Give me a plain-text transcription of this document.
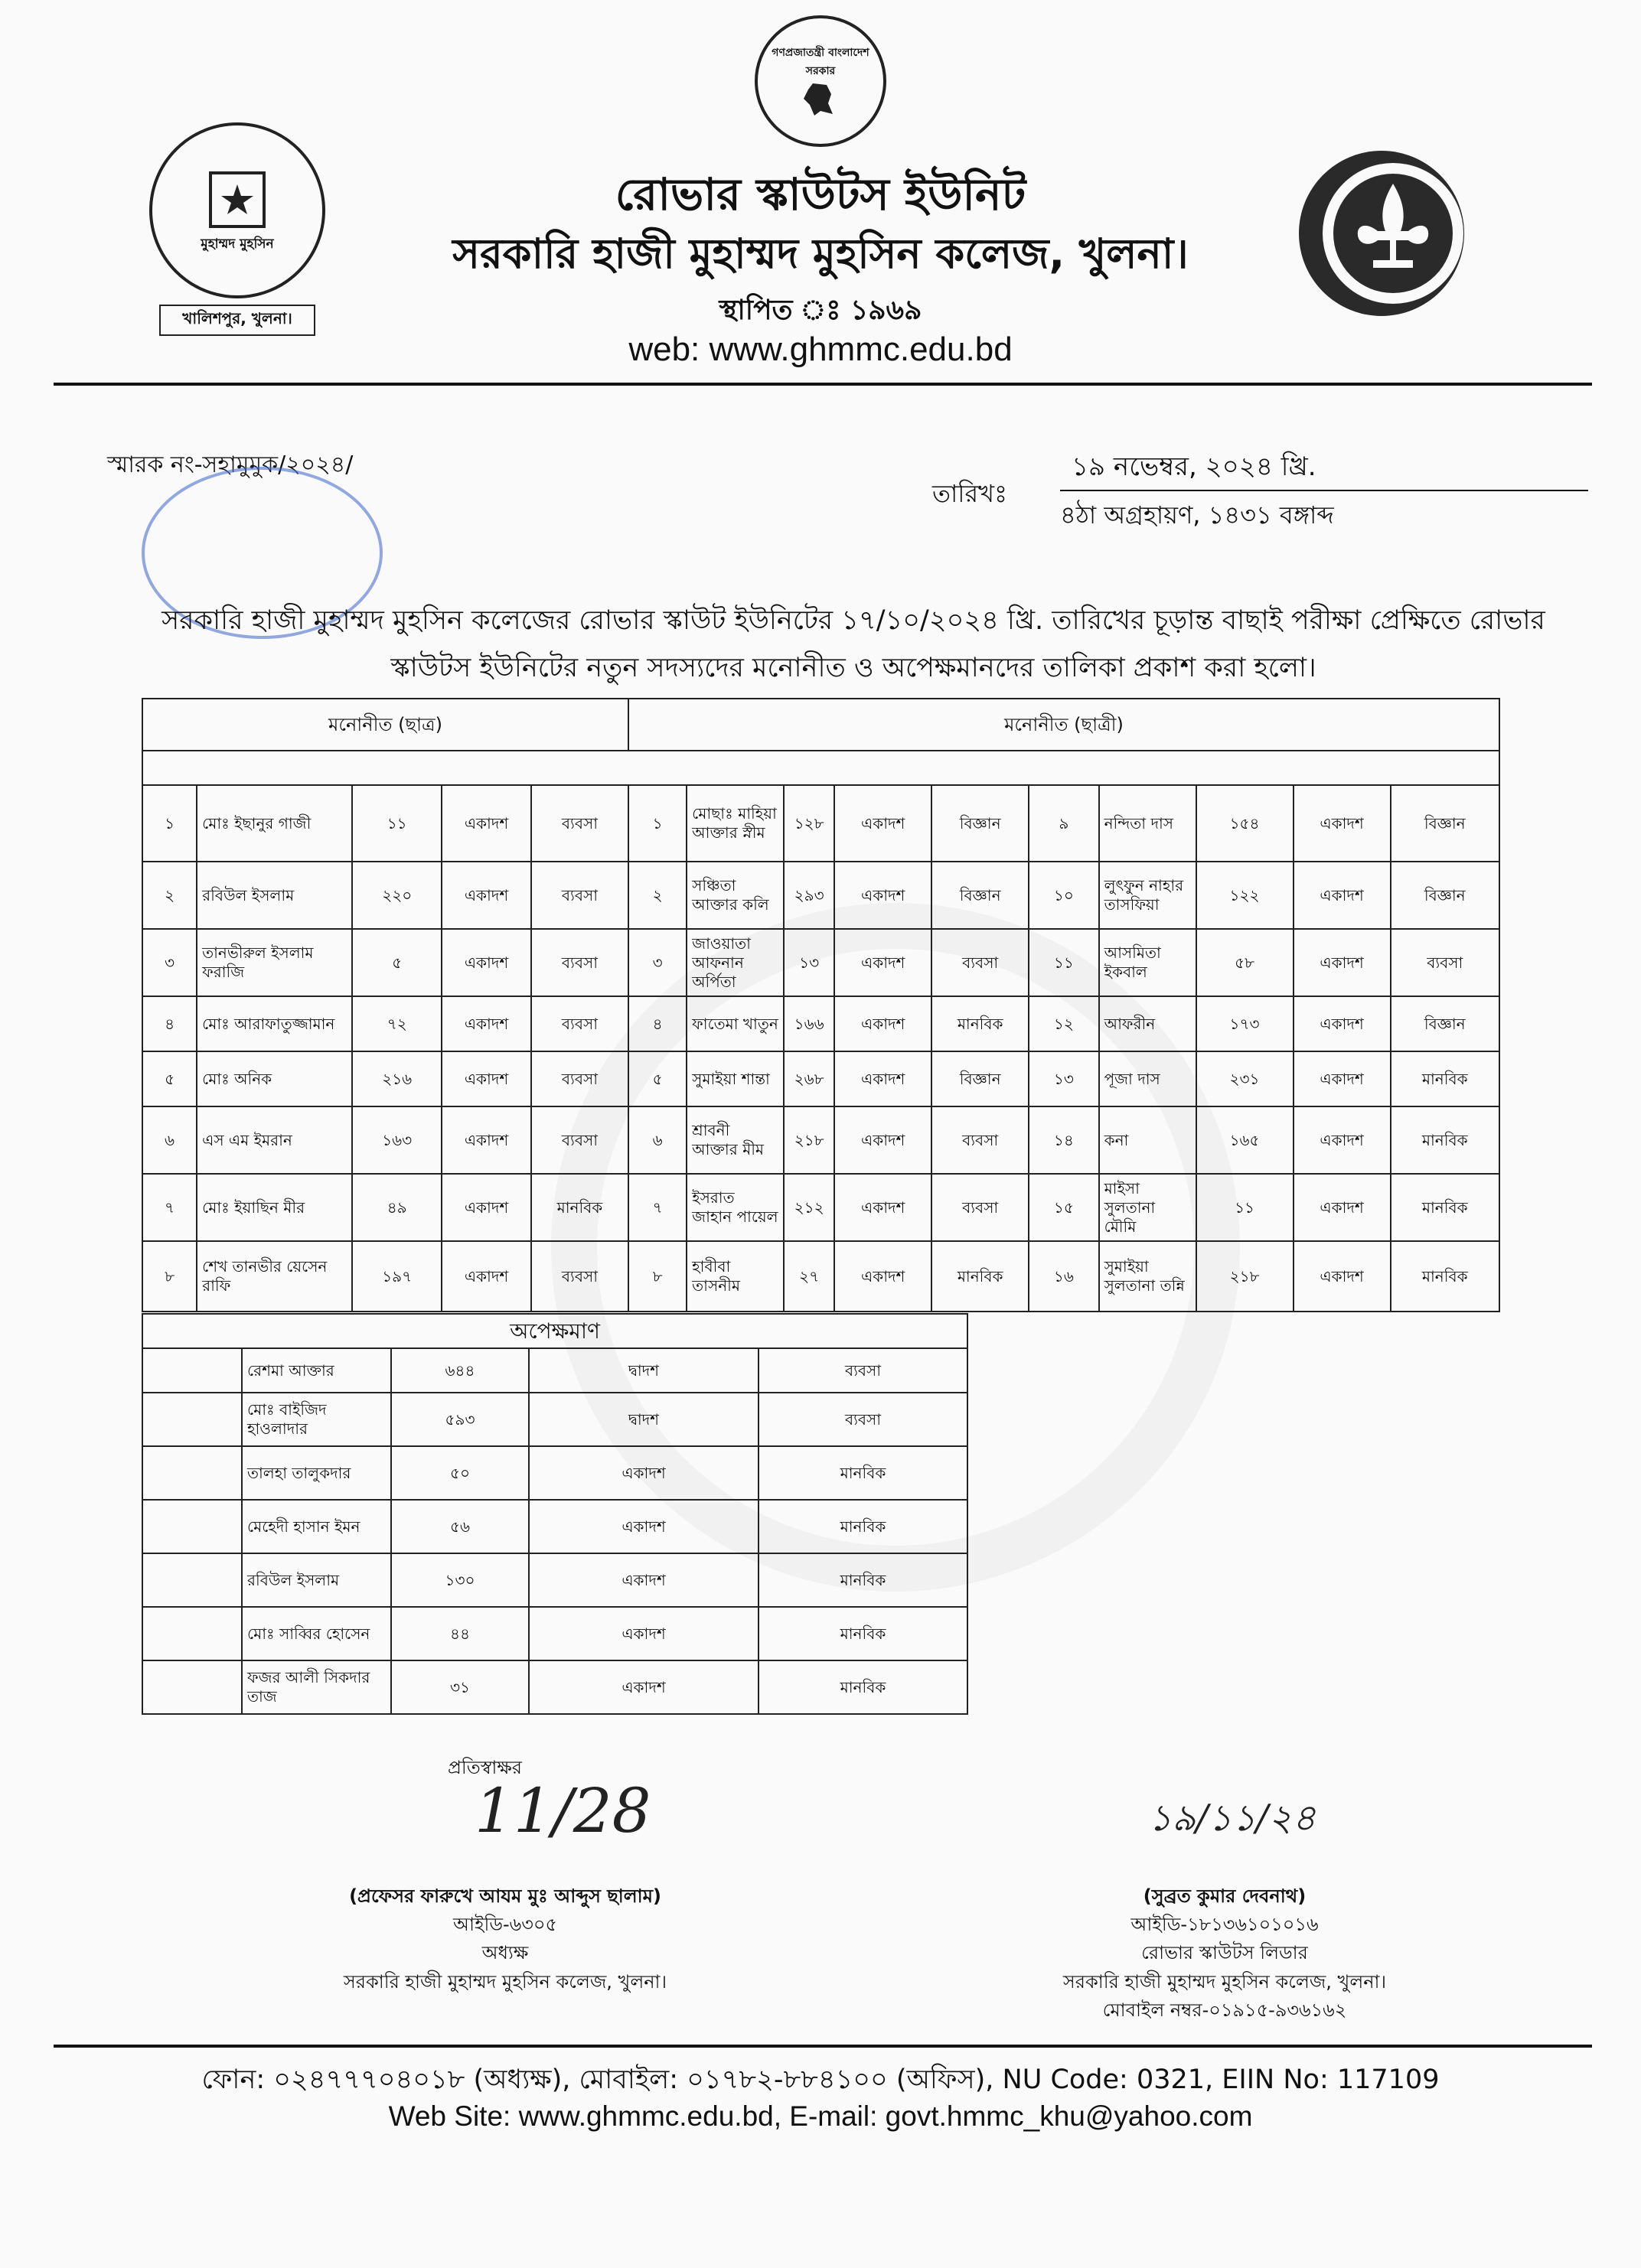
গণপ্রজাতন্ত্রী বাংলাদেশ সরকার
মুহাম্মদ মুহসিন
খালিশপুর, খুলনা।
রোভার স্কাউটস ইউনিট
সরকারি হাজী মুহাম্মদ মুহসিন কলেজ, খুলনা।
স্থাপিত ঃ ১৯৬৯
web: www.ghmmc.edu.bd
স্মারক নং-সহামুমুক/২০২৪/
তারিখঃ
১৯ নভেম্বর, ২০২৪ খ্রি.
৪ঠা অগ্রহায়ণ, ১৪৩১ বঙ্গাব্দ
সরকারি হাজী মুহাম্মদ মুহসিন কলেজের রোভার স্কাউট ইউনিটের ১৭/১০/২০২৪ খ্রি. তারিখের চূড়ান্ত বাছাই পরীক্ষা প্রেক্ষিতে রোভার স্কাউটস ইউনিটের নতুন সদস্যদের মনোনীত ও অপেক্ষমানদের তালিকা প্রকাশ করা হলো।
মনোনীত (ছাত্র)					মনোনীত (ছাত্রী)									

১	মোঃ ইছানুর গাজী	১১	একাদশ	ব্যবসা	১	মোছাঃ মাহিয়া আক্তার স্নীম	১২৮	একাদশ	বিজ্ঞান	৯	নন্দিতা দাস	১৫৪	একাদশ	বিজ্ঞান
২	রবিউল ইসলাম	২২০	একাদশ	ব্যবসা	২	সঞ্চিতা আক্তার কলি	২৯৩	একাদশ	বিজ্ঞান	১০	লুৎফুন নাহার তাসফিয়া	১২২	একাদশ	বিজ্ঞান
৩	তানভীরুল ইসলাম ফরাজি	৫	একাদশ	ব্যবসা	৩	জাওয়াতা আফনান অর্পিতা	১৩	একাদশ	ব্যবসা	১১	আসমিতা ইকবাল	৫৮	একাদশ	ব্যবসা
৪	মোঃ আরাফাতুজ্জামান	৭২	একাদশ	ব্যবসা	৪	ফাতেমা খাতুন	১৬৬	একাদশ	মানবিক	১২	আফরীন	১৭৩	একাদশ	বিজ্ঞান
৫	মোঃ অনিক	২১৬	একাদশ	ব্যবসা	৫	সুমাইয়া শান্তা	২৬৮	একাদশ	বিজ্ঞান	১৩	পূজা দাস	২৩১	একাদশ	মানবিক
৬	এস এম ইমরান	১৬৩	একাদশ	ব্যবসা	৬	শ্রাবনী আক্তার মীম	২১৮	একাদশ	ব্যবসা	১৪	কনা	১৬৫	একাদশ	মানবিক
৭	মোঃ ইয়াছিন মীর	৪৯	একাদশ	মানবিক	৭	ইসরাত জাহান পায়েল	২১২	একাদশ	ব্যবসা	১৫	মাইসা সুলতানা মৌমি	১১	একাদশ	মানবিক
৮	শেখ তানভীর য়েসেন রাফি	১৯৭	একাদশ	ব্যবসা	৮	হাবীবা তাসনীম	২৭	একাদশ	মানবিক	১৬	সুমাইয়া সুলতানা তন্নি	২১৮	একাদশ	মানবিক
অপেক্ষমাণ				
	রেশমা আক্তার	৬৪৪	দ্বাদশ	ব্যবসা
	মোঃ বাইজিদ হাওলাদার	৫৯৩	দ্বাদশ	ব্যবসা
	তালহা তালুকদার	৫০	একাদশ	মানবিক
	মেহেদী হাসান ইমন	৫৬	একাদশ	মানবিক
	রবিউল ইসলাম	১৩০	একাদশ	মানবিক
	মোঃ সাব্বির হোসেন	৪৪	একাদশ	মানবিক
	ফজর আলী সিকদার তাজ	৩১	একাদশ	মানবিক
প্রতিস্বাক্ষর
11/28
(প্রফেসর ফারুখে আযম মুঃ আব্দুস ছালাম)
আইডি-৬৩০৫
অধ্যক্ষ
সরকারি হাজী মুহাম্মদ মুহসিন কলেজ, খুলনা।
১৯/১১/২৪
(সুব্রত কুমার দেবনাথ)
আইডি-১৮১৩৬১০১০১৬
রোভার স্কাউটস লিডার
সরকারি হাজী মুহাম্মদ মুহসিন কলেজ, খুলনা।
মোবাইল নম্বর-০১৯১৫-৯৩৬১৬২
ফোন: ০২৪৭৭৭০৪০১৮ (অধ্যক্ষ), মোবাইল: ০১৭৮২-৮৮৪১০০ (অফিস), NU Code: 0321, EIIN No: 117109
Web Site: www.ghmmc.edu.bd, E-mail: govt.hmmc_khu@yahoo.com
